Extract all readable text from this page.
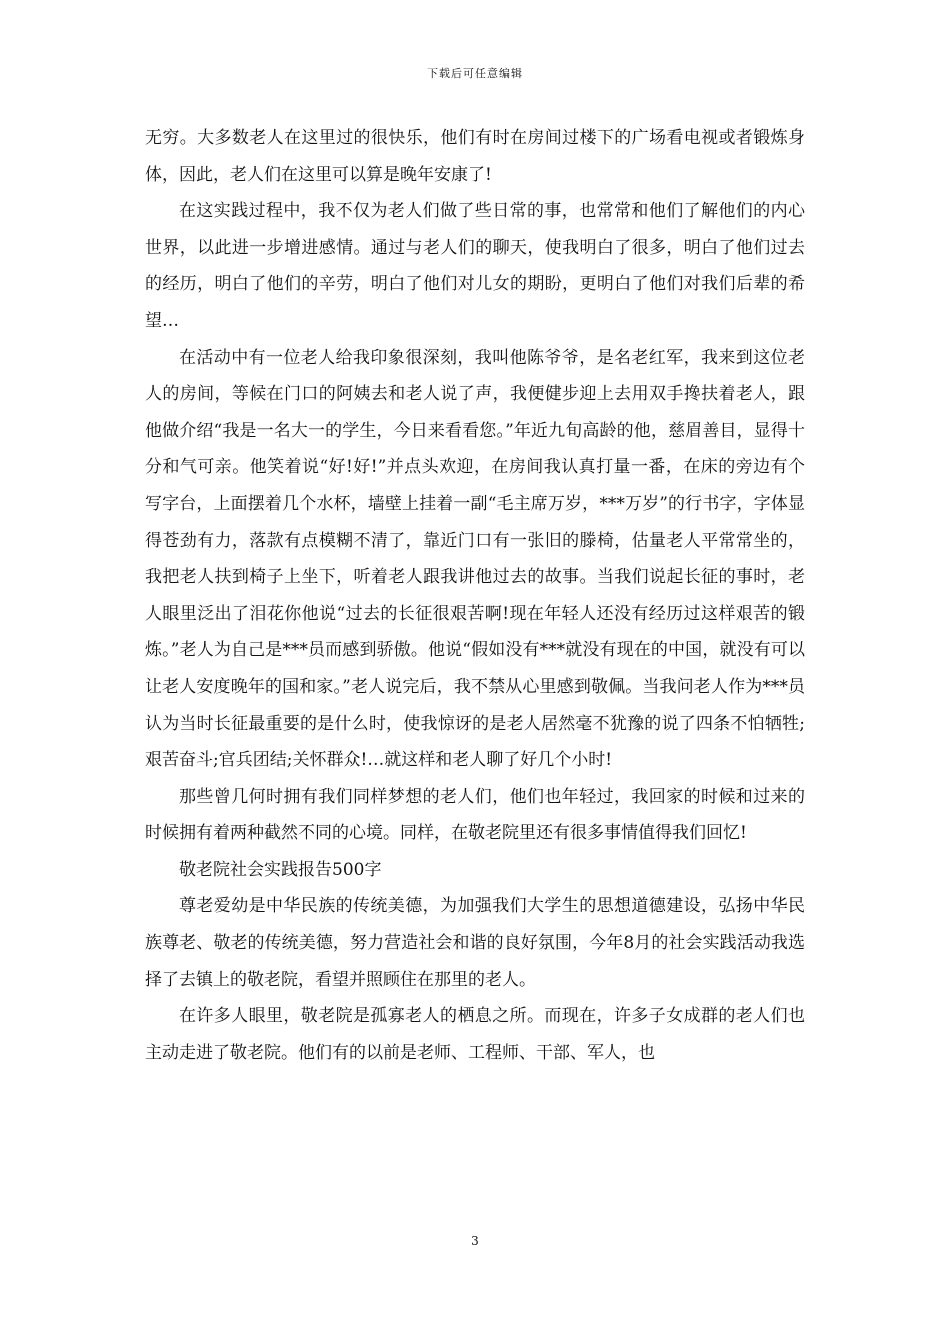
下载后可任意编辑

无穷。大多数老人在这里过的很快乐，他们有时在房间过楼下的广场看电视或者锻炼身体，因此，老人们在这里可以算是晚年安康了!

在这实践过程中，我不仅为老人们做了些日常的事，也常常和他们了解他们的内心世界，以此进一步增进感情。通过与老人们的聊天，使我明白了很多，明白了他们过去的经历，明白了他们的辛劳，明白了他们对儿女的期盼，更明白了他们对我们后辈的希望…

在活动中有一位老人给我印象很深刻，我叫他陈爷爷，是名老红军，我来到这位老人的房间，等候在门口的阿姨去和老人说了声，我便健步迎上去用双手搀扶着老人，跟他做介绍“我是一名大一的学生，今日来看看您。”年近九旬高龄的他，慈眉善目，显得十分和气可亲。他笑着说“好!好!”并点头欢迎，在房间我认真打量一番，在床的旁边有个写字台，上面摆着几个水杯，墙壁上挂着一副“毛主席万岁，***万岁”的行书字，字体显得苍劲有力，落款有点模糊不清了，靠近门口有一张旧的滕椅，估量老人平常常坐的，我把老人扶到椅子上坐下，听着老人跟我讲他过去的故事。当我们说起长征的事时，老人眼里泛出了泪花你他说“过去的长征很艰苦啊!现在年轻人还没有经历过这样艰苦的锻炼。”老人为自己是***员而感到骄傲。他说“假如没有***就没有现在的中国，就没有可以让老人安度晚年的国和家。”老人说完后，我不禁从心里感到敬佩。当我问老人作为***员认为当时长征最重要的是什么时，使我惊讶的是老人居然毫不犹豫的说了四条不怕牺牲;艰苦奋斗;官兵团结;关怀群众!…就这样和老人聊了好几个小时!

那些曾几何时拥有我们同样梦想的老人们，他们也年轻过，我回家的时候和过来的时候拥有着两种截然不同的心境。同样，在敬老院里还有很多事情值得我们回忆!

敬老院社会实践报告500字

尊老爱幼是中华民族的传统美德，为加强我们大学生的思想道德建设，弘扬中华民族尊老、敬老的传统美德，努力营造社会和谐的良好氛围，今年8月的社会实践活动我选择了去镇上的敬老院，看望并照顾住在那里的老人。

在许多人眼里，敬老院是孤寡老人的栖息之所。而现在，许多子女成群的老人们也主动走进了敬老院。他们有的以前是老师、工程师、干部、军人，也

3
